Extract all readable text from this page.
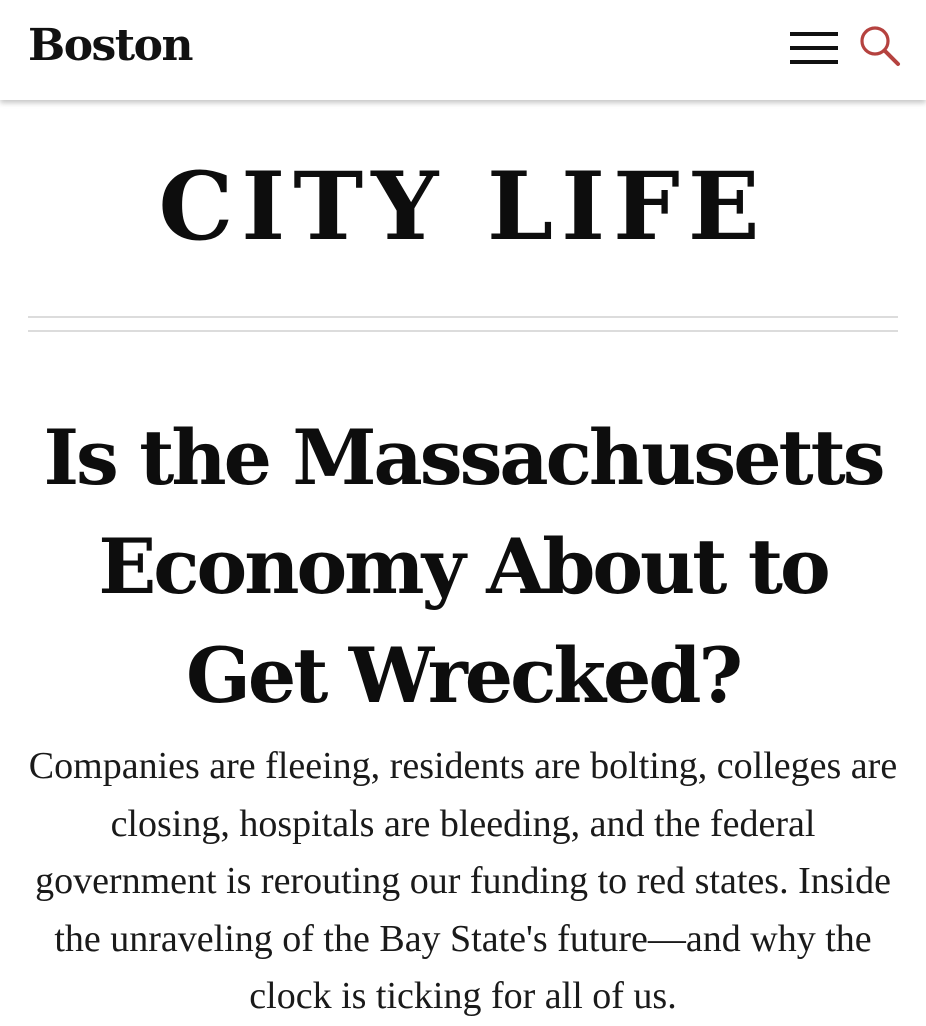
Boston
CITY LIFE
Is the Massachusetts Economy About to Get Wrecked?

Companies are fleeing, residents are bolting, colleges are closing, hospitals are bleeding, and the federal government is rerouting our funding to red states. Inside the unraveling of the Bay State's future—and why the clock is ticking for all of us.
